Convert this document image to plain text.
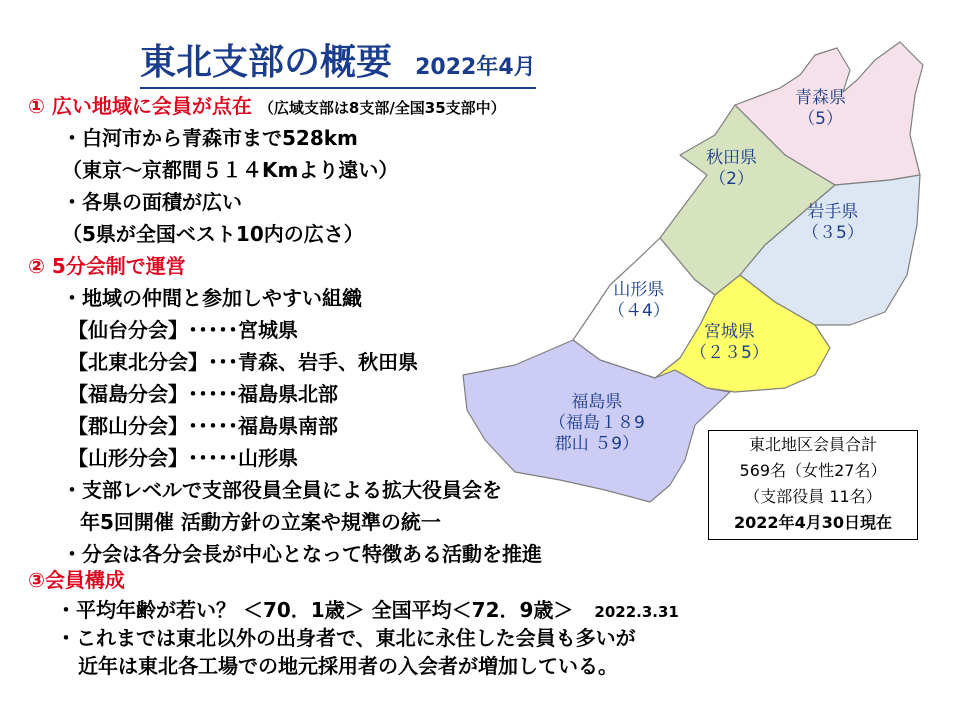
東北支部の概要 2022年4月
① 広い地域に会員が点在 （広域支部は8支部/全国35支部中）
・白河市から青森市まで528km
（東京～京都間５１４Kmより遠い）
・各県の面積が広い
（5県が全国ベスト10内の広さ）
② 5分会制で運営
・地域の仲間と参加しやすい組織
【仙台分会】･････宮城県
【北東北分会】･･･青森、岩手、秋田県
【福島分会】･････福島県北部
【郡山分会】･････福島県南部
【山形分会】･････山形県
・支部レベルで支部役員全員による拡大役員会を
年5回開催 活動方針の立案や規準の統一
・分会は各分会長が中心となって特徴ある活動を推進
③会員構成
・平均年齢が若い？ ＜70．1歳＞ 全国平均＜72．9歳＞ 2022.3.31
・これまでは東北以外の出身者で、東北に永住した会員も多いが
近年は東北各工場での地元採用者の入会者が増加している。
青森県
（5）
秋田県
（2）
岩手県
（３5）
山形県
（４4）
宮城県
（２３5）
福島県
（福島１８9
郡山 ５9）	東北地区会員合計
569名（女性27名）
（支部役員 11名）
2022年4月30日現在
